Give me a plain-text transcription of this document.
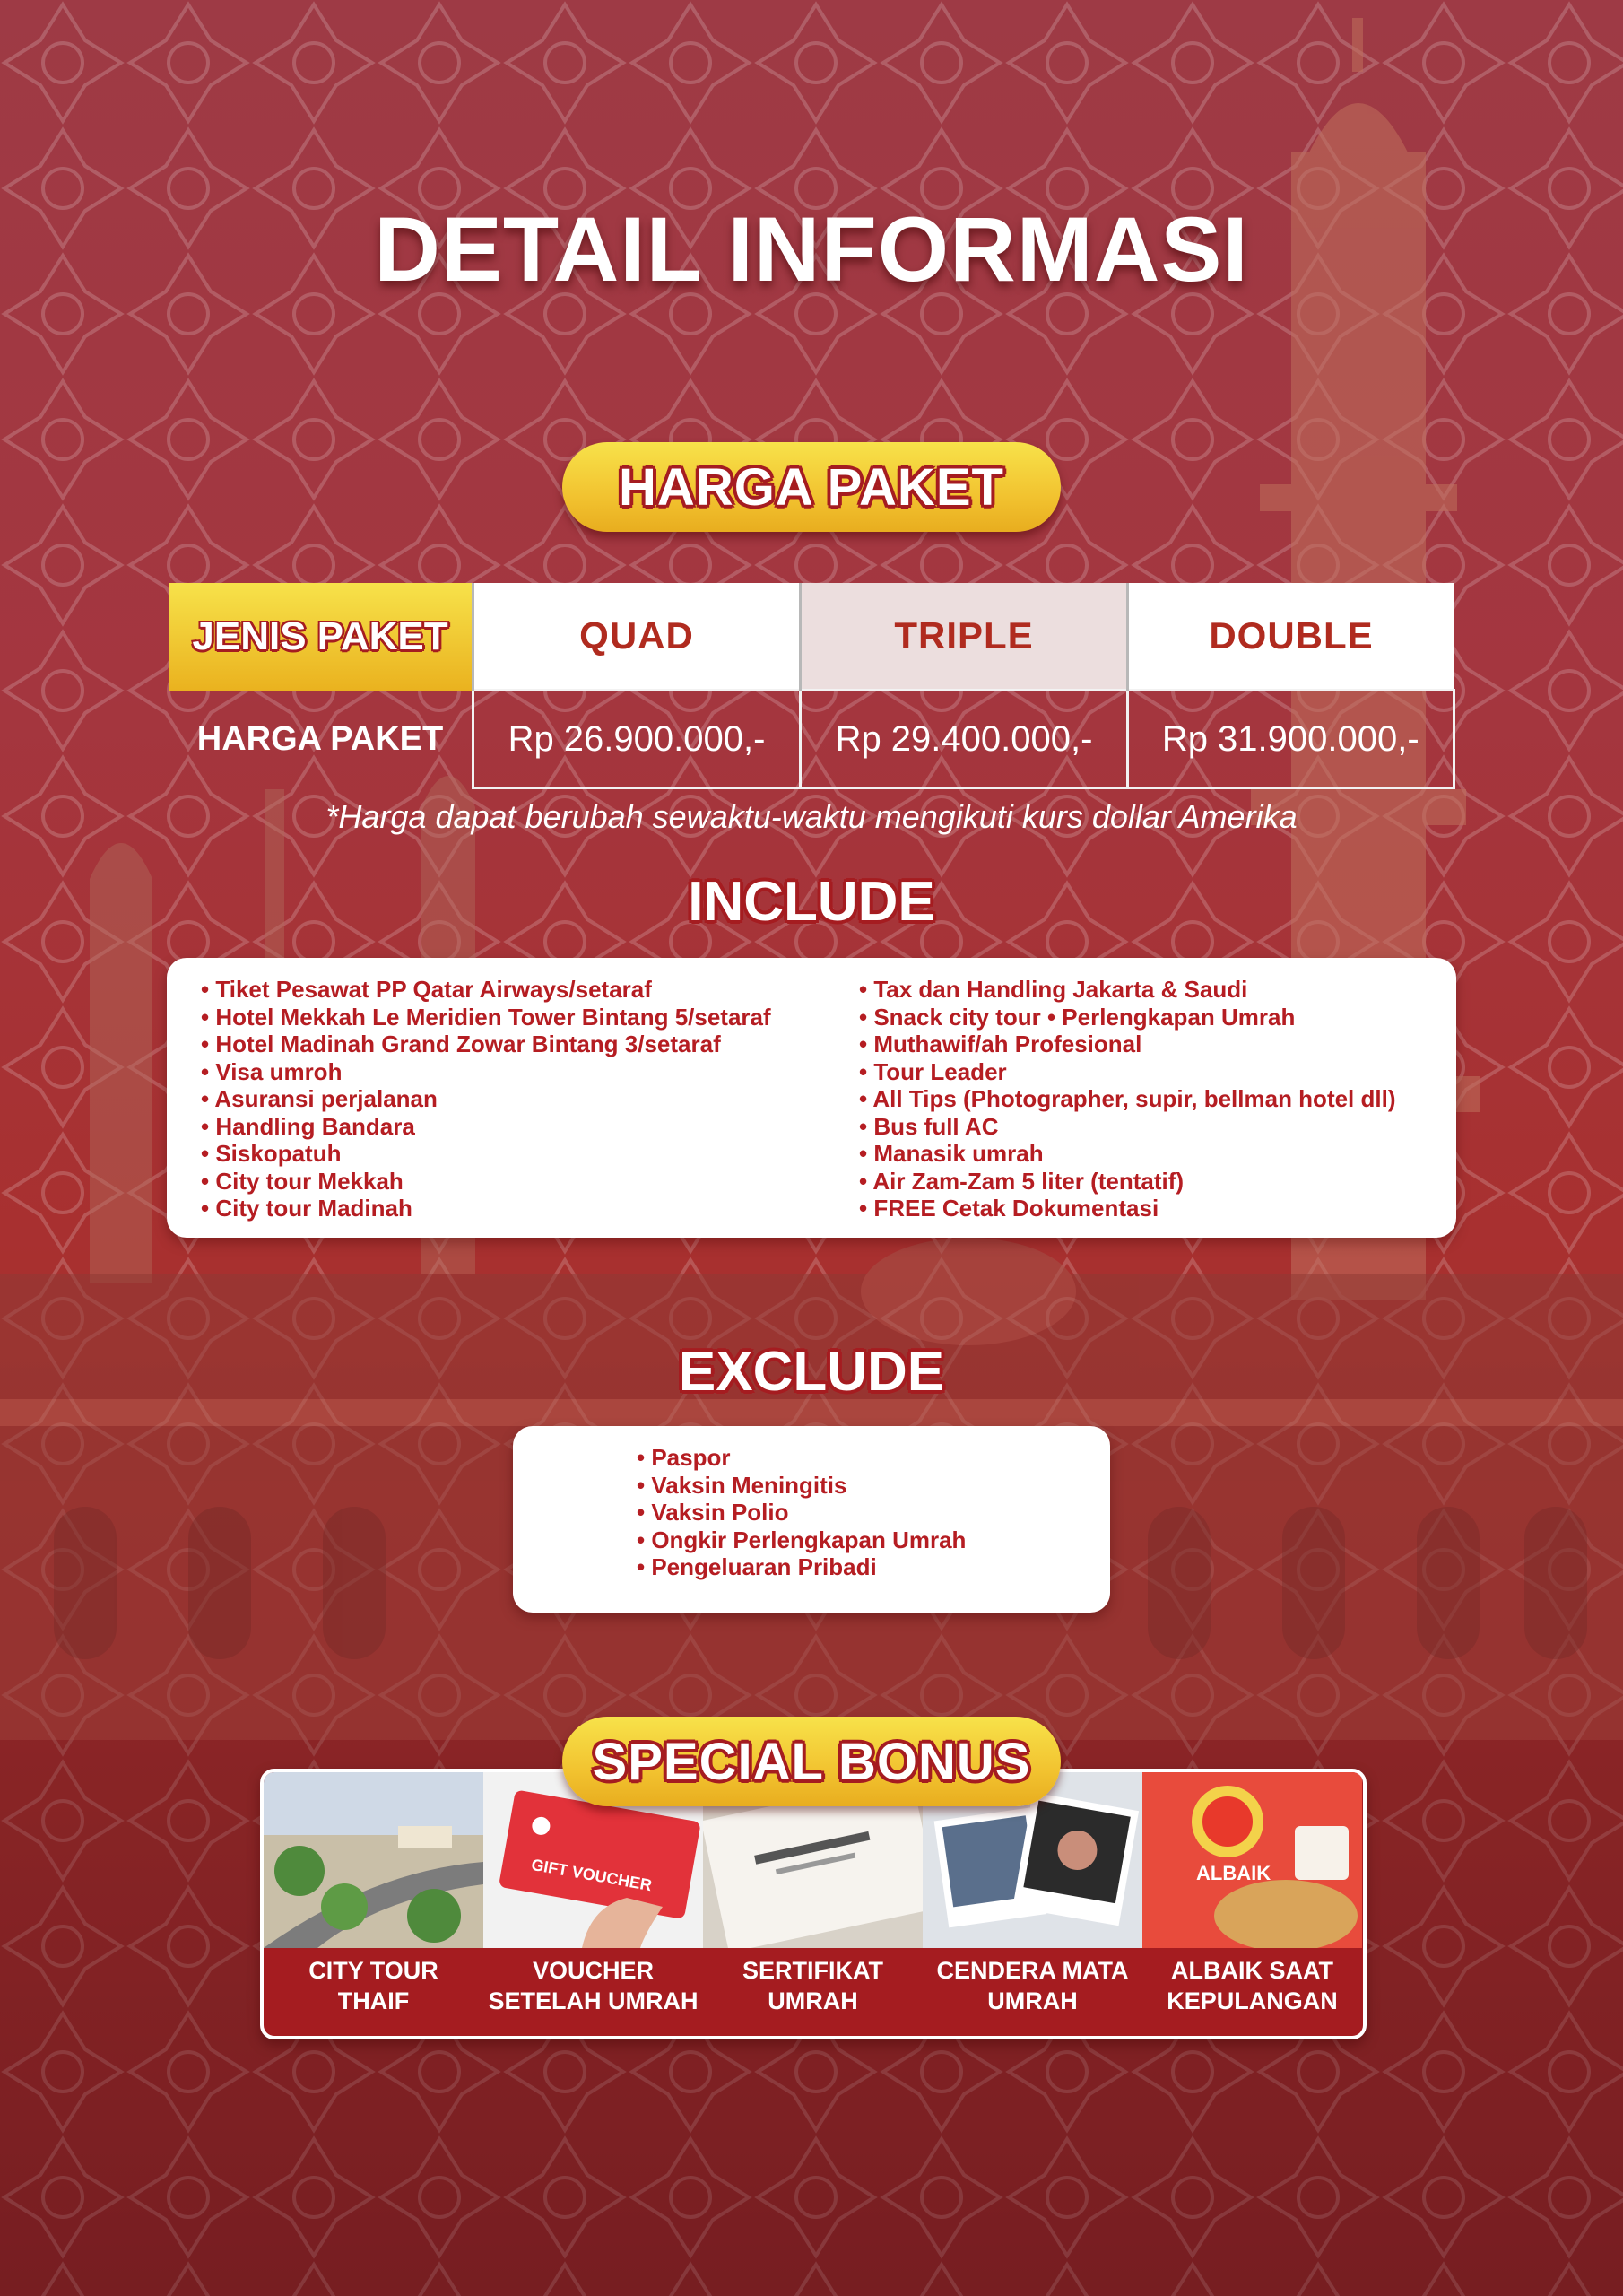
DETAIL INFORMASI
HARGA PAKET
JENIS PAKET	QUAD	TRIPLE	DOUBLE
HARGA PAKET	Rp 26.900.000,-	Rp 29.400.000,-	Rp 31.900.000,-
*Harga dapat berubah sewaktu-waktu mengikuti kurs dollar Amerika
INCLUDE
• Tiket Pesawat PP Qatar Airways/setaraf
• Hotel Mekkah Le Meridien Tower Bintang 5/setaraf
• Hotel Madinah Grand Zowar Bintang 3/setaraf
• Visa umroh
• Asuransi perjalanan
• Handling Bandara
• Siskopatuh
• City tour Mekkah
• City tour Madinah
• Tax dan Handling Jakarta & Saudi
• Snack city tour • Perlengkapan Umrah
• Muthawif/ah Profesional
• Tour Leader
• All Tips (Photographer, supir, bellman hotel dll)
• Bus full AC
• Manasik umrah
• Air Zam-Zam 5 liter (tentatif)
• FREE Cetak Dokumentasi
EXCLUDE
• Paspor
• Vaksin Meningitis
• Vaksin Polio
• Ongkir Perlengkapan Umrah
• Pengeluaran Pribadi
CITY TOUR
THAIF
GIFT VOUCHER
VOUCHER
SETELAH UMRAH
SERTIFIKAT
UMRAH
CENDERA MATA
UMRAH
ALBAIK
ALBAIK SAAT
KEPULANGAN
SPECIAL BONUS
